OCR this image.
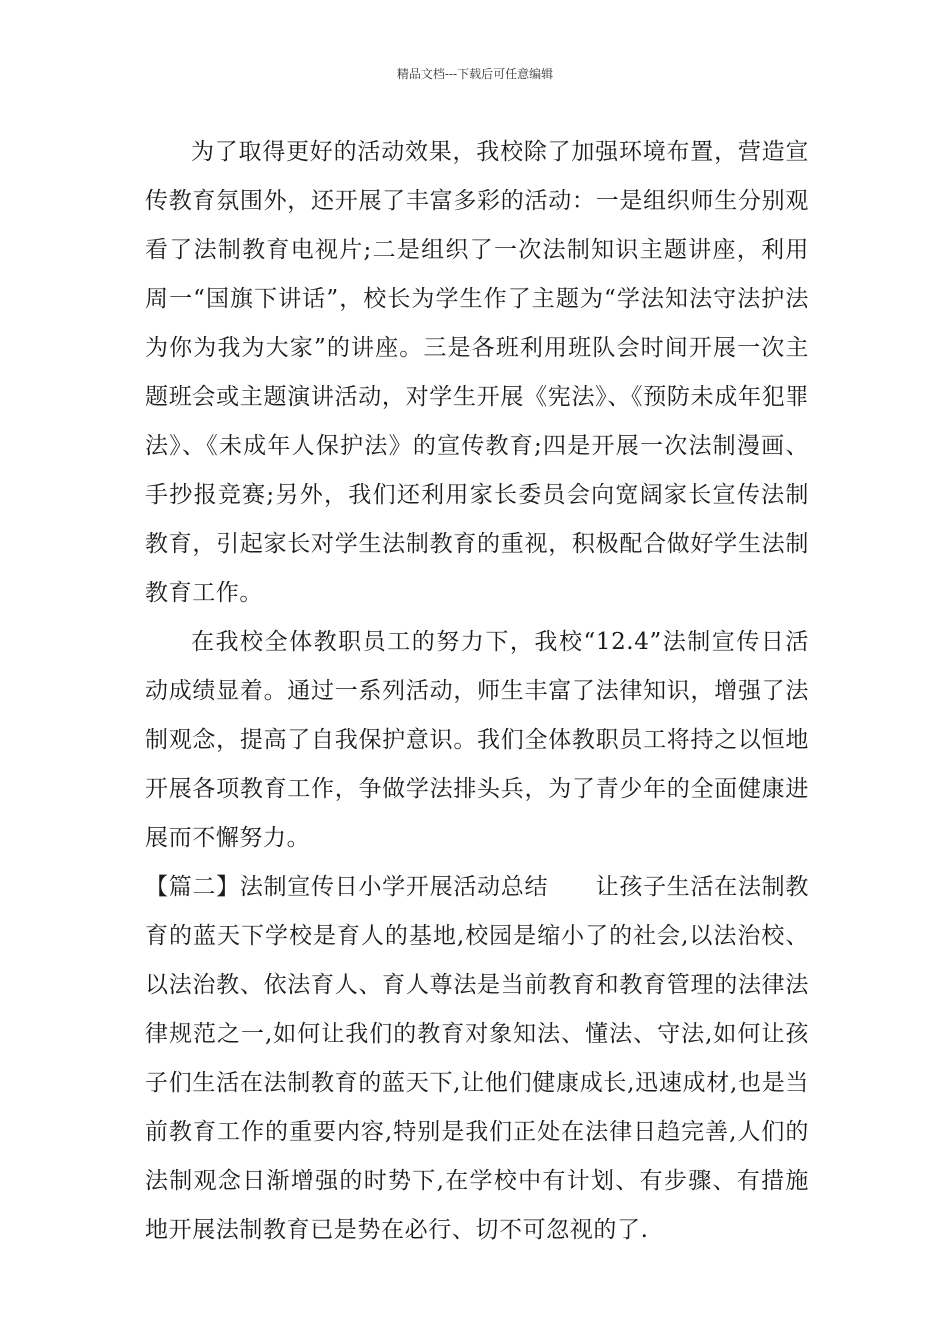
精品文档---下载后可任意编辑

为了取得更好的活动效果，我校除了加强环境布置，营造宣传教育氛围外，还开展了丰富多彩的活动：一是组织师生分别观看了法制教育电视片;二是组织了一次法制知识主题讲座，利用周一“国旗下讲话”，校长为学生作了主题为“学法知法守法护法为你为我为大家”的讲座。三是各班利用班队会时间开展一次主题班会或主题演讲活动，对学生开展《宪法》、《预防未成年犯罪法》、《未成年人保护法》的宣传教育;四是开展一次法制漫画、手抄报竞赛;另外，我们还利用家长委员会向宽阔家长宣传法制教育，引起家长对学生法制教育的重视，积极配合做好学生法制教育工作。

在我校全体教职员工的努力下，我校“12.4”法制宣传日活动成绩显着。通过一系列活动，师生丰富了法律知识，增强了法制观念，提高了自我保护意识。我们全体教职员工将持之以恒地开展各项教育工作，争做学法排头兵，为了青少年的全面健康进展而不懈努力。

【篇二】法制宣传日小学开展活动总结　　让孩子生活在法制教育的蓝天下学校是育人的基地,校园是缩小了的社会,以法治校、以法治教、依法育人、育人尊法是当前教育和教育管理的法律法律规范之一,如何让我们的教育对象知法、懂法、守法,如何让孩子们生活在法制教育的蓝天下,让他们健康成长,迅速成材,也是当前教育工作的重要内容,特别是我们正处在法律日趋完善,人们的法制观念日渐增强的时势下,在学校中有计划、有步骤、有措施地开展法制教育已是势在必行、切不可忽视的了.
